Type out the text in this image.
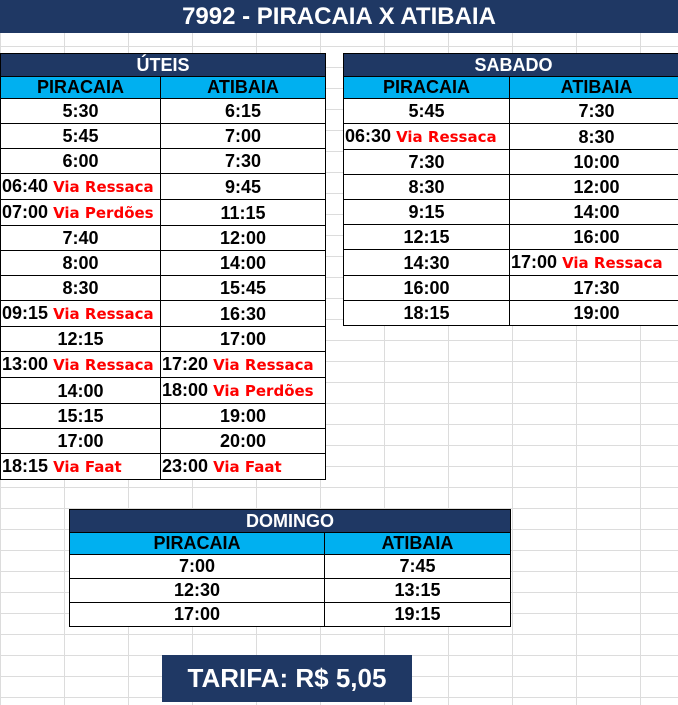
7992 - PIRACAIA X ATIBAIA
ÚTEIS	
PIRACAIA	ATIBAIA
5:30	6:15
5:45	7:00
6:00	7:30
06:40 Via Ressaca	9:45
07:00 Via Perdões	11:15
7:40	12:00
8:00	14:00
8:30	15:45
09:15 Via Ressaca	16:30
12:15	17:00
13:00 Via Ressaca	17:20 Via Ressaca
14:00	18:00 Via Perdões
15:15	19:00
17:00	20:00
18:15 Via Faat	23:00 Via Faat
SABADO	
PIRACAIA	ATIBAIA
5:45	7:30
06:30 Via Ressaca	8:30
7:30	10:00
8:30	12:00
9:15	14:00
12:15	16:00
14:30	17:00 Via Ressaca
16:00	17:30
18:15	19:00
DOMINGO	
PIRACAIA	ATIBAIA
7:00	7:45
12:30	13:15
17:00	19:15
TARIFA: R$ 5,05
